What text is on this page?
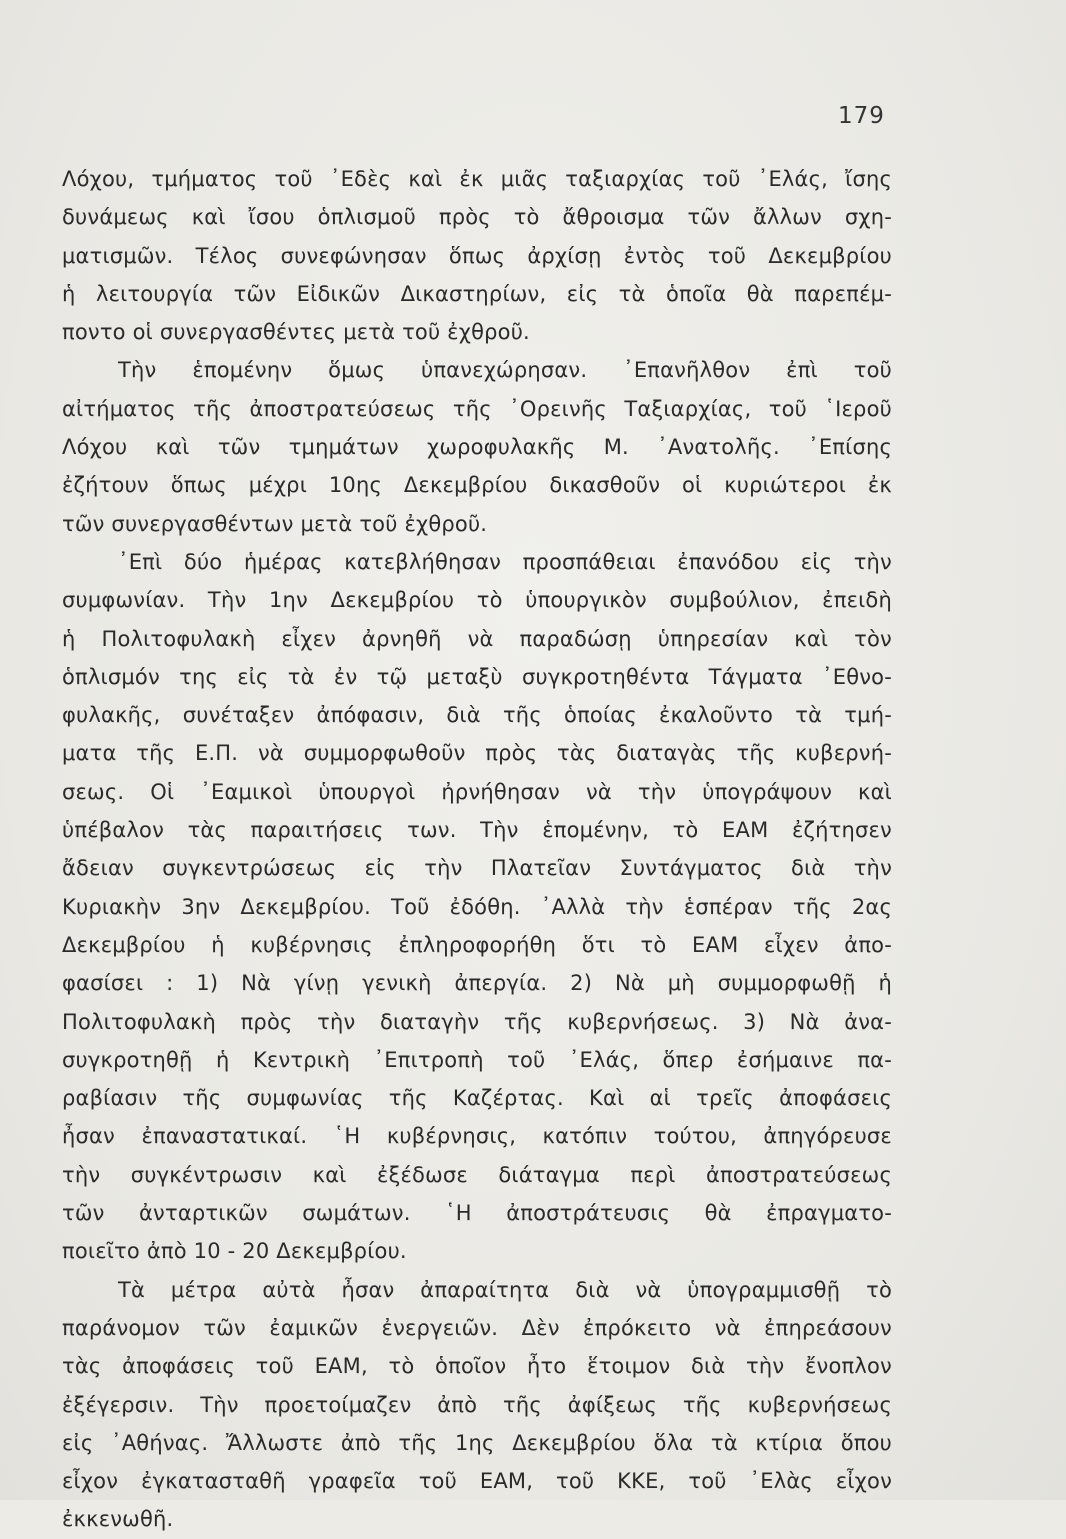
179
Λόχου, τμήματος τοῦ ᾿Εδὲς καὶ ἐκ μιᾶς ταξιαρχίας τοῦ ᾿Ελάς, ἴσης
δυνάμεως καὶ ἴσου ὁπλισμοῦ πρὸς τὸ ἄθροισμα τῶν ἄλλων σχη-
ματισμῶν. Τέλος συνεφώνησαν ὅπως ἀρχίσῃ ἐντὸς τοῦ Δεκεμβρίου
ἡ λειτουργία τῶν Εἰδικῶν Δικαστηρίων, εἰς τὰ ὁποῖα θὰ παρεπέμ-
ποντο οἱ συνεργασθέντες μετὰ τοῦ ἐχθροῦ.
Τὴν ἑπομένην ὅμως ὑπανεχώρησαν. ᾿Επανῆλθον ἐπὶ τοῦ
αἰτήματος τῆς ἀποστρατεύσεως τῆς ᾿Ορεινῆς Ταξιαρχίας, τοῦ ῾Ιεροῦ
Λόχου καὶ τῶν τμημάτων χωροφυλακῆς Μ. ᾿Ανατολῆς. ᾿Επίσης
ἐζήτουν ὅπως μέχρι 10ης Δεκεμβρίου δικασθοῦν οἱ κυριώτεροι ἐκ
τῶν συνεργασθέντων μετὰ τοῦ ἐχθροῦ.
᾿Επὶ δύο ἡμέρας κατεβλήθησαν προσπάθειαι ἐπανόδου εἰς τὴν
συμφωνίαν. Τὴν 1ην Δεκεμβρίου τὸ ὑπουργικὸν συμβούλιον, ἐπειδὴ
ἡ Πολιτοφυλακὴ εἶχεν ἀρνηθῆ νὰ παραδώσῃ ὑπηρεσίαν καὶ τὸν
ὁπλισμόν της εἰς τὰ ἐν τῷ μεταξὺ συγκροτηθέντα Τάγματα ᾿Εθνο-
φυλακῆς, συνέταξεν ἀπόφασιν, διὰ τῆς ὁποίας ἐκαλοῦντο τὰ τμή-
ματα τῆς Ε.Π. νὰ συμμορφωθοῦν πρὸς τὰς διαταγὰς τῆς κυβερνή-
σεως. Οἱ ᾿Εαμικοὶ ὑπουργοὶ ἠρνήθησαν νὰ τὴν ὑπογράψουν καὶ
ὑπέβαλον τὰς παραιτήσεις των. Τὴν ἑπομένην, τὸ ΕΑΜ ἐζήτησεν
ἄδειαν συγκεντρώσεως εἰς τὴν Πλατεῖαν Συντάγματος διὰ τὴν
Κυριακὴν 3ην Δεκεμβρίου. Τοῦ ἐδόθη. ᾿Αλλὰ τὴν ἑσπέραν τῆς 2ας
Δεκεμβρίου ἡ κυβέρνησις ἐπληροφορήθη ὅτι τὸ ΕΑΜ εἶχεν ἀπο-
φασίσει : 1) Νὰ γίνῃ γενικὴ ἀπεργία. 2) Νὰ μὴ συμμορφωθῇ ἡ
Πολιτοφυλακὴ πρὸς τὴν διαταγὴν τῆς κυβερνήσεως. 3) Νὰ ἀνα-
συγκροτηθῇ ἡ Κεντρικὴ ᾿Επιτροπὴ τοῦ ᾿Ελάς, ὅπερ ἐσήμαινε πα-
ραβίασιν τῆς συμφωνίας τῆς Καζέρτας. Καὶ αἱ τρεῖς ἀποφάσεις
ἦσαν ἐπαναστατικαί. ῾Η κυβέρνησις, κατόπιν τούτου, ἀπηγόρευσε
τὴν συγκέντρωσιν καὶ ἐξέδωσε διάταγμα περὶ ἀποστρατεύσεως
τῶν ἀνταρτικῶν σωμάτων. ῾Η ἀποστράτευσις θὰ ἐπραγματο-
ποιεῖτο ἀπὸ 10 - 20 Δεκεμβρίου.
Τὰ μέτρα αὐτὰ ἦσαν ἀπαραίτητα διὰ νὰ ὑπογραμμισθῇ τὸ
παράνομον τῶν ἐαμικῶν ἐνεργειῶν. Δὲν ἐπρόκειτο νὰ ἐπηρεάσουν
τὰς ἀποφάσεις τοῦ ΕΑΜ, τὸ ὁποῖον ἦτο ἕτοιμον διὰ τὴν ἔνοπλον
ἐξέγερσιν. Τὴν προετοίμαζεν ἀπὸ τῆς ἀφίξεως τῆς κυβερνήσεως
εἰς ᾿Αθήνας. Ἄλλωστε ἀπὸ τῆς 1ης Δεκεμβρίου ὅλα τὰ κτίρια ὅπου
εἶχον ἐγκατασταθῆ γραφεῖα τοῦ ΕΑΜ, τοῦ ΚΚΕ, τοῦ ᾿Ελὰς εἶχον
ἐκκενωθῆ.
